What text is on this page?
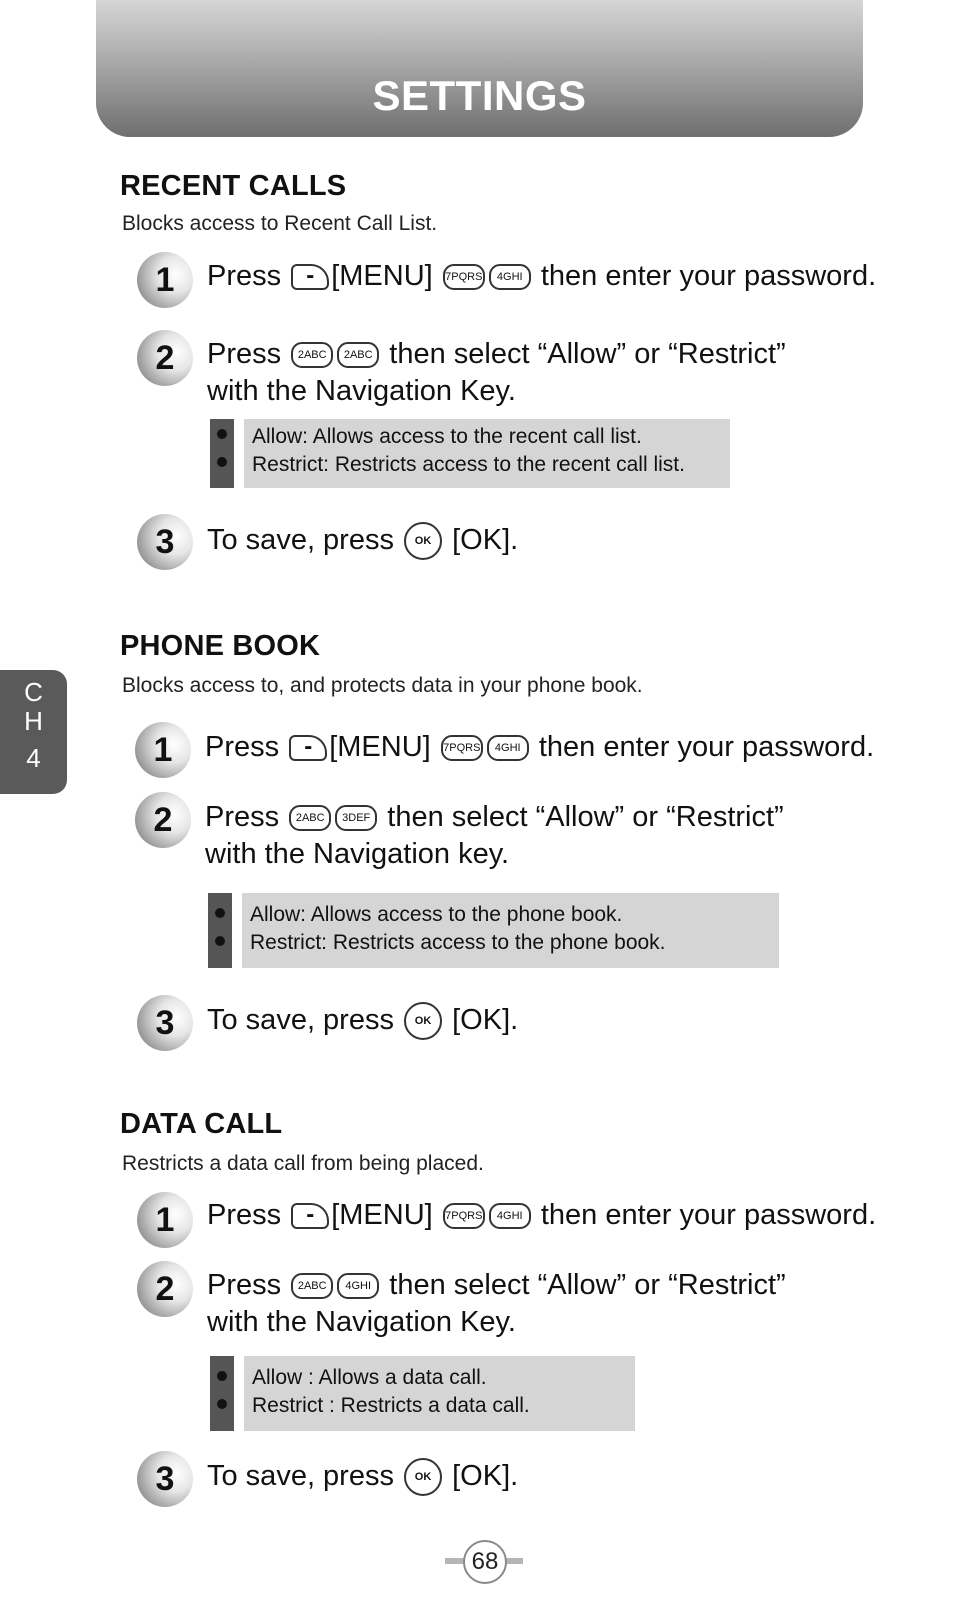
SETTINGS
C
H
4
RECENT CALLS
Blocks access to Recent Call List.
1	Press - [MENU] 7PQRS 4GHI then enter your password.
2	Press 2ABC 2ABC then select “Allow” or “Restrict”
with the Navigation Key.
Allow: Allows access to the recent call list.
Restrict: Restricts access to the recent call list.
3	To save, press OK [OK].
PHONE BOOK
Blocks access to, and protects data in your phone book.
1	Press - [MENU] 7PQRS 4GHI then enter your password.
2	Press 2ABC 3DEF then select “Allow” or “Restrict”
with the Navigation key.
Allow: Allows access to the phone book.
Restrict: Restricts access to the phone book.
3	To save, press OK [OK].
DATA CALL
Restricts a data call from being placed.
1	Press - [MENU] 7PQRS 4GHI then enter your password.
2	Press 2ABC 4GHI then select “Allow” or “Restrict”
with the Navigation Key.
Allow : Allows a data call.
Restrict : Restricts a data call.
3	To save, press OK [OK].
68
